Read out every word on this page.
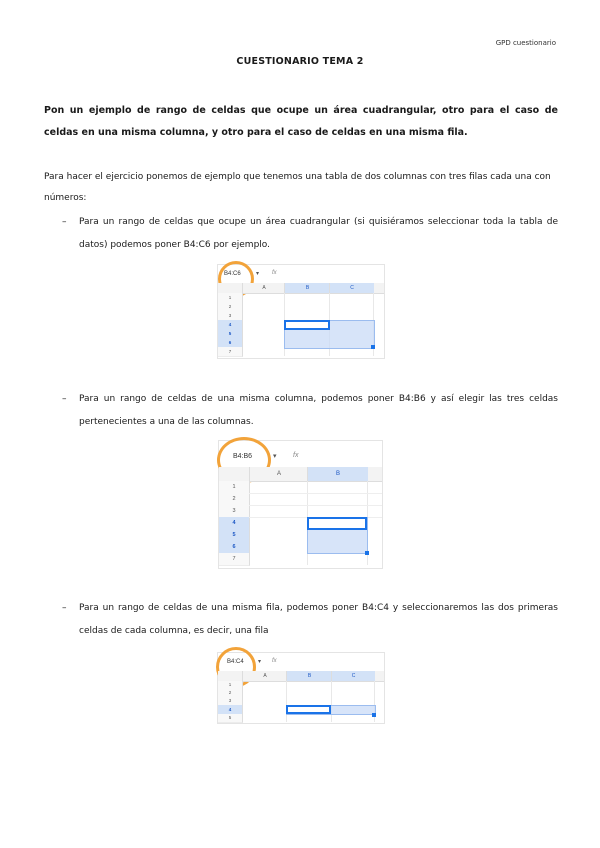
GPD cuestionario
CUESTIONARIO TEMA 2
Pon un ejemplo de rango de celdas que ocupe un área cuadrangular, otro para el caso de celdas en una misma columna, y otro para el caso de celdas en una misma fila.
Para hacer el ejercicio ponemos de ejemplo que tenemos una tabla de dos columnas con tres filas cada una con números:
– Para un rango de celdas que ocupe un área cuadrangular (si quisiéramos seleccionar toda la tabla de datos) podemos poner B4:C6 por ejemplo.
B4:C6	▾ fx
A	B	C
1
2
3
4
5
6
7
– Para un rango de celdas de una misma columna, podemos poner B4:B6 y así elegir las tres celdas pertenecientes a una de las columnas.
B4:B6	▾ fx
A	B
1
2
3
4
5
6
7
– Para un rango de celdas de una misma fila, podemos poner B4:C4 y seleccionaremos las dos primeras celdas de cada columna, es decir, una fila
B4:C4 ▾ fx
A	B	C
1
2
3
4
5
